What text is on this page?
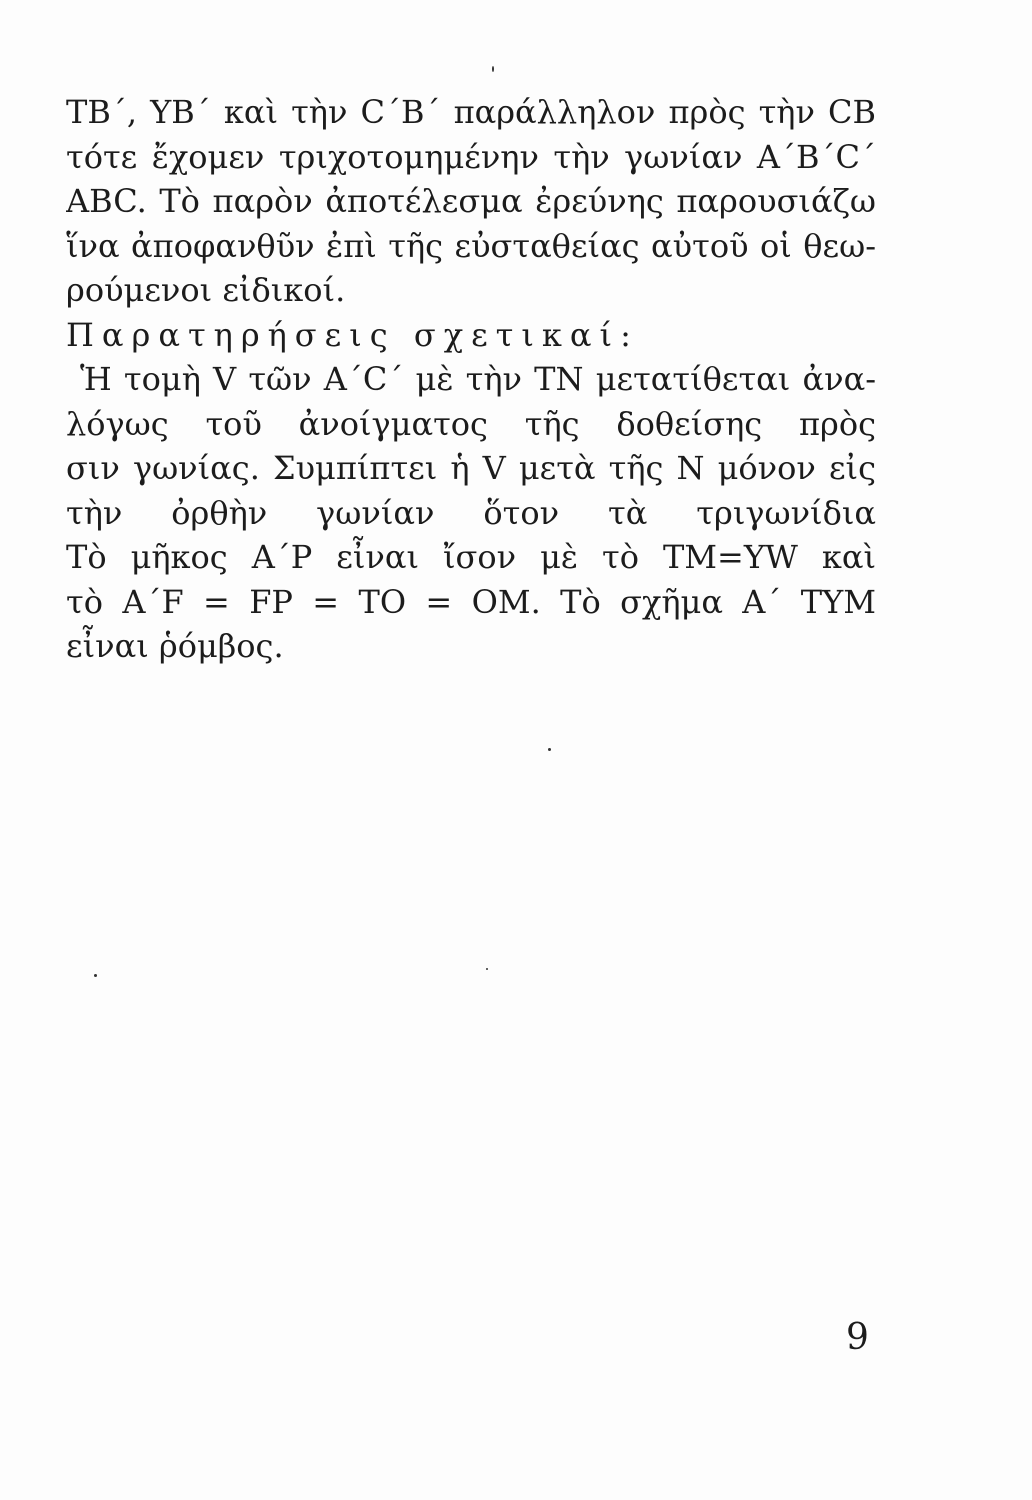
TB΄, YB΄ καὶ τὴν C΄B΄ παράλληλον πρὸς τὴν CB
τότε ἔχομεν τριχοτομημένην τὴν γωνίαν A΄B΄C΄
ABC. Τὸ παρὸν ἀποτέλεσμα ἐρεύνης παρουσιάζω
ἵνα ἀποφανθῦν ἐπὶ τῆς εὐσταθείας αὐτοῦ οἱ θεω-
ρούμενοι εἰδικοί.
Παρατηρήσεις σχετικαί:
Ἡ τομὴ V τῶν A΄C΄ μὲ τὴν TN μετατίθεται ἀνα-
λόγως τοῦ ἀνοίγματος τῆς δοθείσης πρὸς
σιν γωνίας. Συμπίπτει ἡ V μετὰ τῆς N μόνον εἰς
τὴν ὀρθὴν γωνίαν ὅτον τὰ τριγωνίδια
Τὸ μῆκος A΄P εἶναι ἴσον μὲ τὸ TM=YW καὶ
τὸ A΄F = FP = TO = OM. Τὸ σχῆμα A΄ TYM
εἶναι ῥόμβος.
9
